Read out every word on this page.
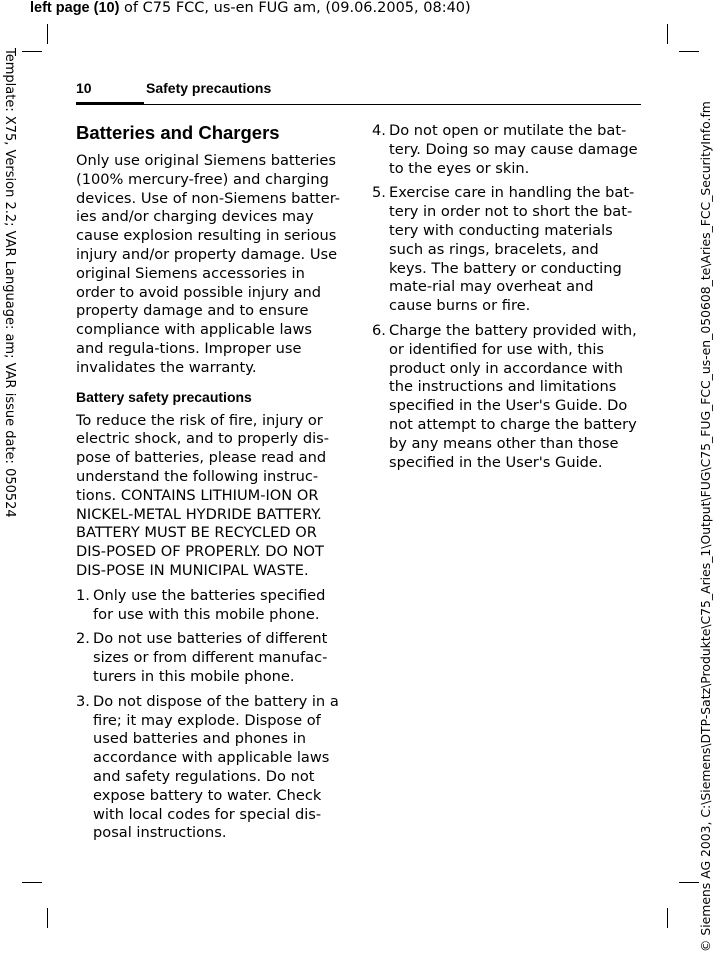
left page (10) of C75 FCC, us-en FUG am, (09.06.2005, 08:40)
Template: X75, Version 2.2; VAR Language: am; VAR issue date: 050524	© Siemens AG 2003, C:\Siemens\DTP-Satz\Produkte\C75_Aries_1\Output\FUG\C75_FUG_FCC_us-en_050608_te\Aries_FCC_SecurityInfo.fm
10	Safety precautions
Batteries and Chargers

Only use original Siemens batteries (100% mercury-free) and charging devices. Use of non-Siemens batter-ies and/or charging devices may cause explosion resulting in serious injury and/or property damage. Use original Siemens accessories in order to avoid possible injury and property damage and to ensure compliance with applicable laws and regula-tions. Improper use invalidates the warranty.

Battery safety precautions

To reduce the risk of fire, injury or electric shock, and to properly dis-pose of batteries, please read and understand the following instruc-tions. CONTAINS LITHIUM-ION OR NICKEL-METAL HYDRIDE BATTERY. BATTERY MUST BE RECYCLED OR DIS-POSED OF PROPERLY. DO NOT DIS-POSE IN MUNICIPAL WASTE.

1. Only use the batteries specified for use with this mobile phone.
2. Do not use batteries of different sizes or from different manufac-turers in this mobile phone.
3. Do not dispose of the battery in a fire; it may explode. Dispose of used batteries and phones in accordance with applicable laws and safety regulations. Do not expose battery to water. Check with local codes for special dis-posal instructions.
4. Do not open or mutilate the bat-tery. Doing so may cause damage to the eyes or skin.
5. Exercise care in handling the bat-tery in order not to short the bat-tery with conducting materials such as rings, bracelets, and keys. The battery or conducting mate-rial may overheat and cause burns or fire.
6. Charge the battery provided with, or identified for use with, this product only in accordance with the instructions and limitations specified in the User's Guide. Do not attempt to charge the battery by any means other than those specified in the User's Guide.
